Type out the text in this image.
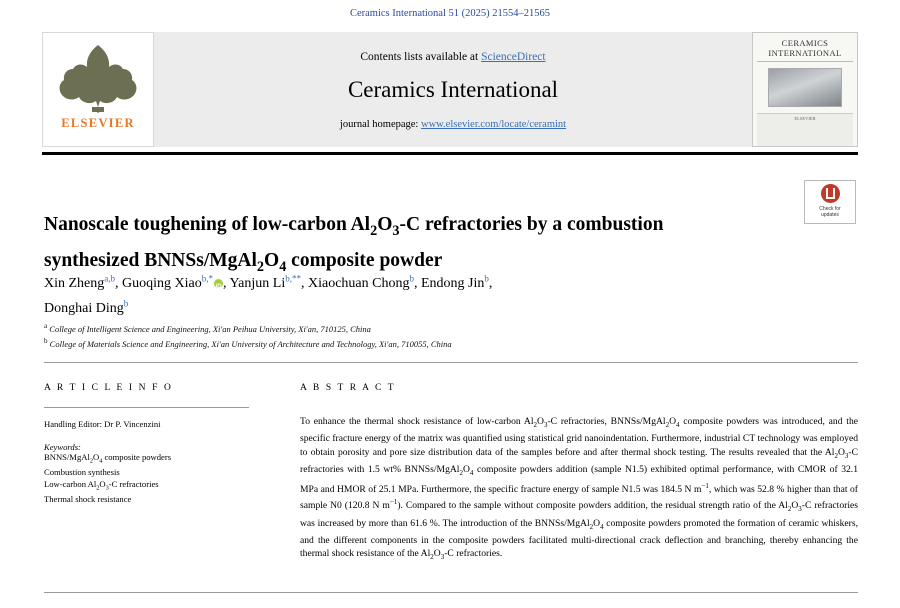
Ceramics International 51 (2025) 21554–21565
ELSEVIER
Contents lists available at ScienceDirect
Ceramics International
journal homepage: www.elsevier.com/locate/ceramint
CERAMICS
INTERNATIONAL
ELSEVIER
Check for
updates
Nanoscale toughening of low-carbon $Al_2O_3-C$ refractories by a combustion synthesized BNNSs/$MgAl_2O_4$ composite powder
Xin Zheng$^{a,b}$, Guoqing Xiao$^{b,*}$ iD , Yanjun $Li^{b,**}$, Xiaochuan Chong$^b$, Endong Jin$^b$,
Donghai Ding$^b$
$^a$ College of Intelligent Science and Engineering, Xi'an Peihua University, Xi'an, 710125, China
$^b$ College of Materials Science and Engineering, Xi'an University of Architecture and Technology, Xi'an, 710055, China
A R T I C L E I N F O
Handling Editor: Dr P. Vincenzini
Keywords:
BNNS/$MgAl_2O_4$ composite powders
Combustion synthesis
Low-carbon $Al_2O_3-C$ refractories
Thermal shock resistance
A B S T R A C T
To enhance the thermal shock resistance of low-carbon $Al_2O_3-C$ refractories, BNNSs/$MgAl_2O_4$ composite powders was introduced, and the specific fracture energy of the matrix was quantified using statistical grid nanoindentation. Furthermore, industrial CT technology was employed to obtain porosity and pore size distribution data of the samples before and after thermal shock testing. The results revealed that the $Al_2O_3-C$ refractories with 1.5 wt% BNNSs/$MgAl_2O_4$ composite powders addition (sample N1.5) exhibited optimal performance, with CMOR of 32.1 MPa and HMOR of 25.1 MPa. Furthermore, the specific fracture energy of sample N1.5 was 184.5 N $m^{-1}$, which was 52.8 % higher than that of sample N0 (120.8 N $m^{-1}$). Compared to the sample without composite powders addition, the residual strength ratio of the $Al_2O_3-C$ refractories was increased by more than 61.6 %. The introduction of the BNNSs/$MgAl_2O_4$ composite powders promoted the formation of ceramic whiskers, and the different components in the composite powders facilitated multi-directional crack deflection and branching, thereby enhancing the thermal shock resistance of the $Al_2O_3-C$ refractories.
